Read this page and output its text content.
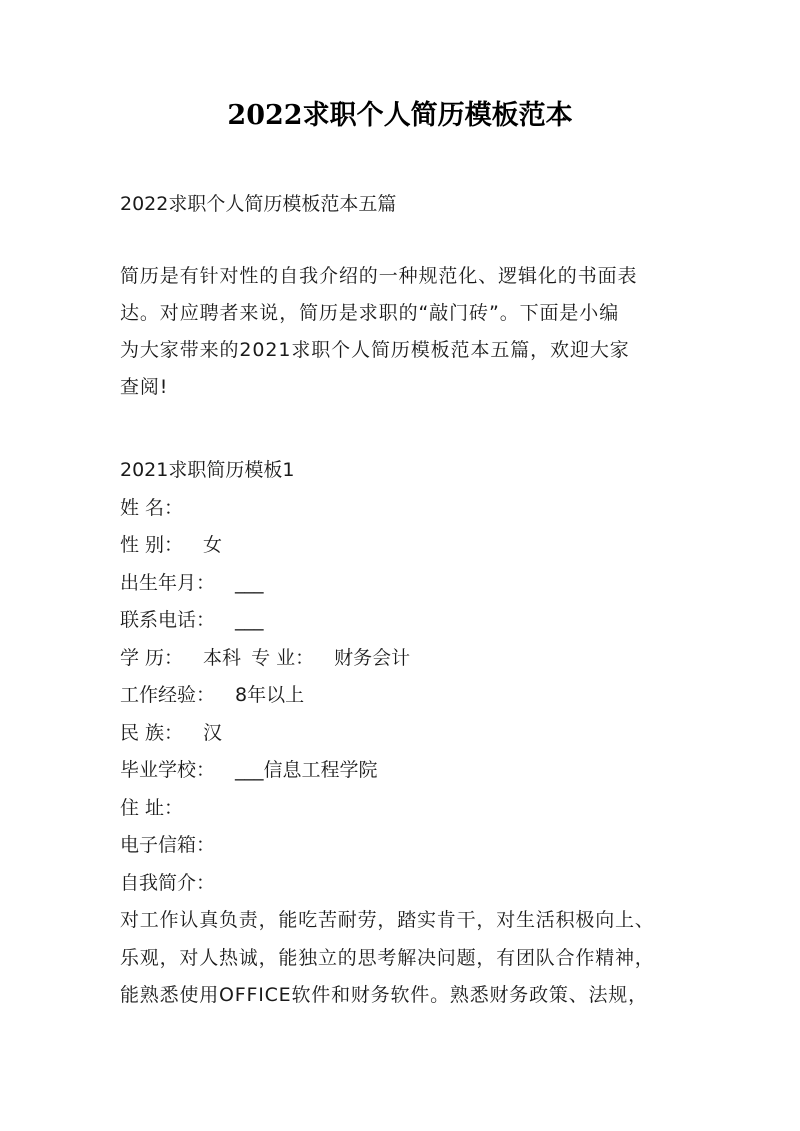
2022求职个人简历模板范本
2022求职个人简历模板范本五篇

简历是有针对性的自我介绍的一种规范化、逻辑化的书面表

达。对应聘者来说，简历是求职的“敲门砖”。下面是小编

为大家带来的2021求职个人简历模板范本五篇，欢迎大家

查阅!

2021求职简历模板1
姓 名：
性 别： 女
出生年月： ___
联系电话： ___
学 历： 本科 专 业： 财务会计
工作经验： 8年以上
民 族： 汉
毕业学校： ___信息工程学院
住 址：
电子信箱：
自我简介：
对工作认真负责，能吃苦耐劳，踏实肯干，对生活积极向上、
乐观，对人热诚，能独立的思考解决问题，有团队合作精神，
能熟悉使用OFFICE软件和财务软件。熟悉财务政策、法规，
